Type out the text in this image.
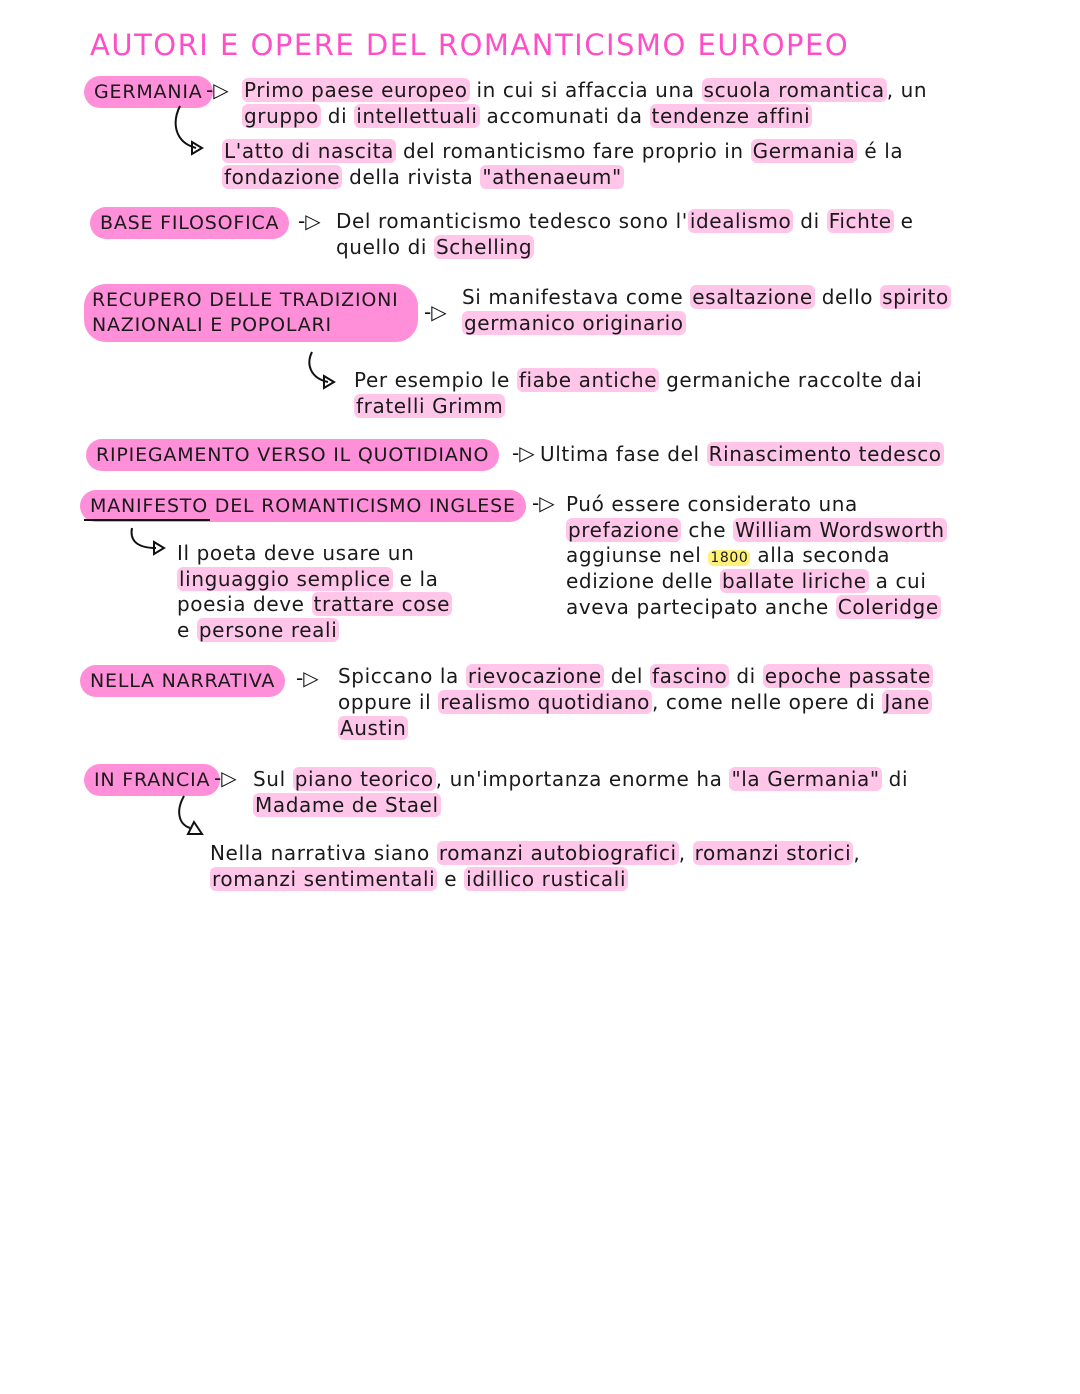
AUTORI E OPERE DEL ROMANTICISMO EUROPEO
GERMANIA -▷ Primo paese europeo in cui si affaccia una scuola romantica , un
gruppo di intellettuali accomunati da tendenze affini
L'atto di nascita del romanticismo fare proprio in Germania é la
fondazione della rivista "athenaeum"
BASE FILOSOFICA -▷ Del romanticismo tedesco sono l' idealismo di Fichte e
quello di Schelling
RECUPERO DELLE TRADIZIONI
NAZIONALI E POPOLARI
-▷
Si manifestava come esaltazione dello spirito
germanico originario
Per esempio le fiabe antiche germaniche raccolte dai
fratelli Grimm
RIPIEGAMENTO VERSO IL QUOTIDIANO	-▷ Ultima fase del Rinascimento tedesco
MANIFESTO DEL ROMANTICISMO INGLESE -▷ Puó essere considerato una
prefazione che William Wordsworth
aggiunse nel 1800 alla seconda
edizione delle ballate liriche a cui
aveva partecipato anche Coleridge
Il poeta deve usare un
linguaggio semplice e la
poesia deve trattare cose
e persone reali
NELLA NARRATIVA	-▷ Spiccano la rievocazione del fascino di epoche passate
oppure il realismo quotidiano , come nelle opere di Jane
Austin
IN FRANCIA -▷ Sul piano teorico , un'importanza enorme ha "la Germania" di
Madame de Stael
Nella narrativa siano romanzi autobiografici , romanzi storici ,
romanzi sentimentali e idillico rusticali
